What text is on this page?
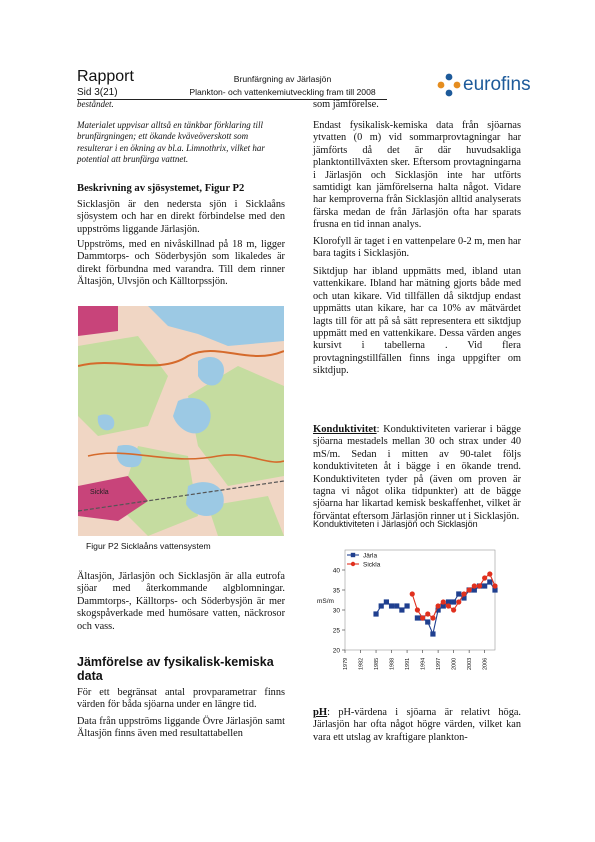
Rapport
Sid 3(21)
Brunfärgning av Järlasjön
Plankton- och vattenkemiutveckling fram till 2008	eurofins
beståndet.
Materialet uppvisar alltså en tänkbar förklaring till brunfärgningen; ett ökande kväveöverskott som resulterar i en ökning av bl.a. Limnothrix, vilket har potential att brunfärga vattnet.
Beskrivning av sjösystemet, Figur P2
Sicklasjön är den nedersta sjön i Sicklaåns sjösystem och har en direkt förbindelse med den uppströms liggande Järlasjön.
Uppströms, med en nivåskillnad på 18 m, ligger Dammtorps- och Söderbysjön som likaledes är direkt förbundna med varandra. Till dem rinner Ältasjön, Ulvsjön och Källtorpssjön.
Sickla
Figur P2 Sicklaåns vattensystem
Ältasjön, Järlasjön och Sicklasjön är alla eutrofa sjöar med återkommande algblomningar. Dammtorps-, Källtorps- och Söderbysjön är mer skogspåverkade med humösare vatten, näckrosor och vass.
Jämförelse av fysikalisk-kemiska data
För ett begränsat antal provparametrar finns värden för båda sjöarna under en längre tid.
Data från uppströms liggande Övre Järlasjön samt Ältasjön finns även med resultattabellen
som jämförelse.
Endast fysikalisk-kemiska data från sjöarnas ytvatten (0 m) vid sommarprovtagningar har jämförts då det är där huvudsakliga planktontillväxten sker. Eftersom provtagningarna i Järlasjön och Sicklasjön inte har utförts samtidigt kan jämförelserna halta något. Vidare har kemproverna från Sicklasjön alltid analyserats färska medan de från Järlasjön ofta har sparats frusna en tid innan analys.
Klorofyll är taget i en vattenpelare 0-2 m, men har bara tagits i Sicklasjön.
Siktdjup har ibland uppmätts med, ibland utan vattenkikare. Ibland har mätning gjorts både med och utan kikare. Vid tillfällen då siktdjup endast uppmätts utan kikare, har ca 10% av mätvärdet lagts till för att på så sätt representera ett siktdjup uppmätt med en vattenkikare. Dessa värden anges kursivt i tabellerna . Vid flera provtagningstillfällen finns inga uppgifter om siktdjup.
Konduktivitet: Konduktiviteten varierar i bägge sjöarna mestadels mellan 30 och strax under 40 mS/m. Sedan i mitten av 90-talet följs konduktiviteten åt i bägge i en ökande trend. Konduktiviteten tyder på (även om proven är tagna vi något olika tidpunkter) att de bägge sjöarna har likartad kemisk beskaffenhet, vilket är förväntat eftersom Järlasjön rinner ut i Sicklasjön.
Konduktiviteten i Järlasjön och Sicklasjön
20
25
30
35
40
mS/m
1979 1982 1985 1988 1991 1994 1997 2000 2003 2006
Järla
Sickla
pH: pH-värdena i sjöarna är relativt höga. Järlasjön har ofta något högre värden, vilket kan vara ett utslag av kraftigare plankton-
